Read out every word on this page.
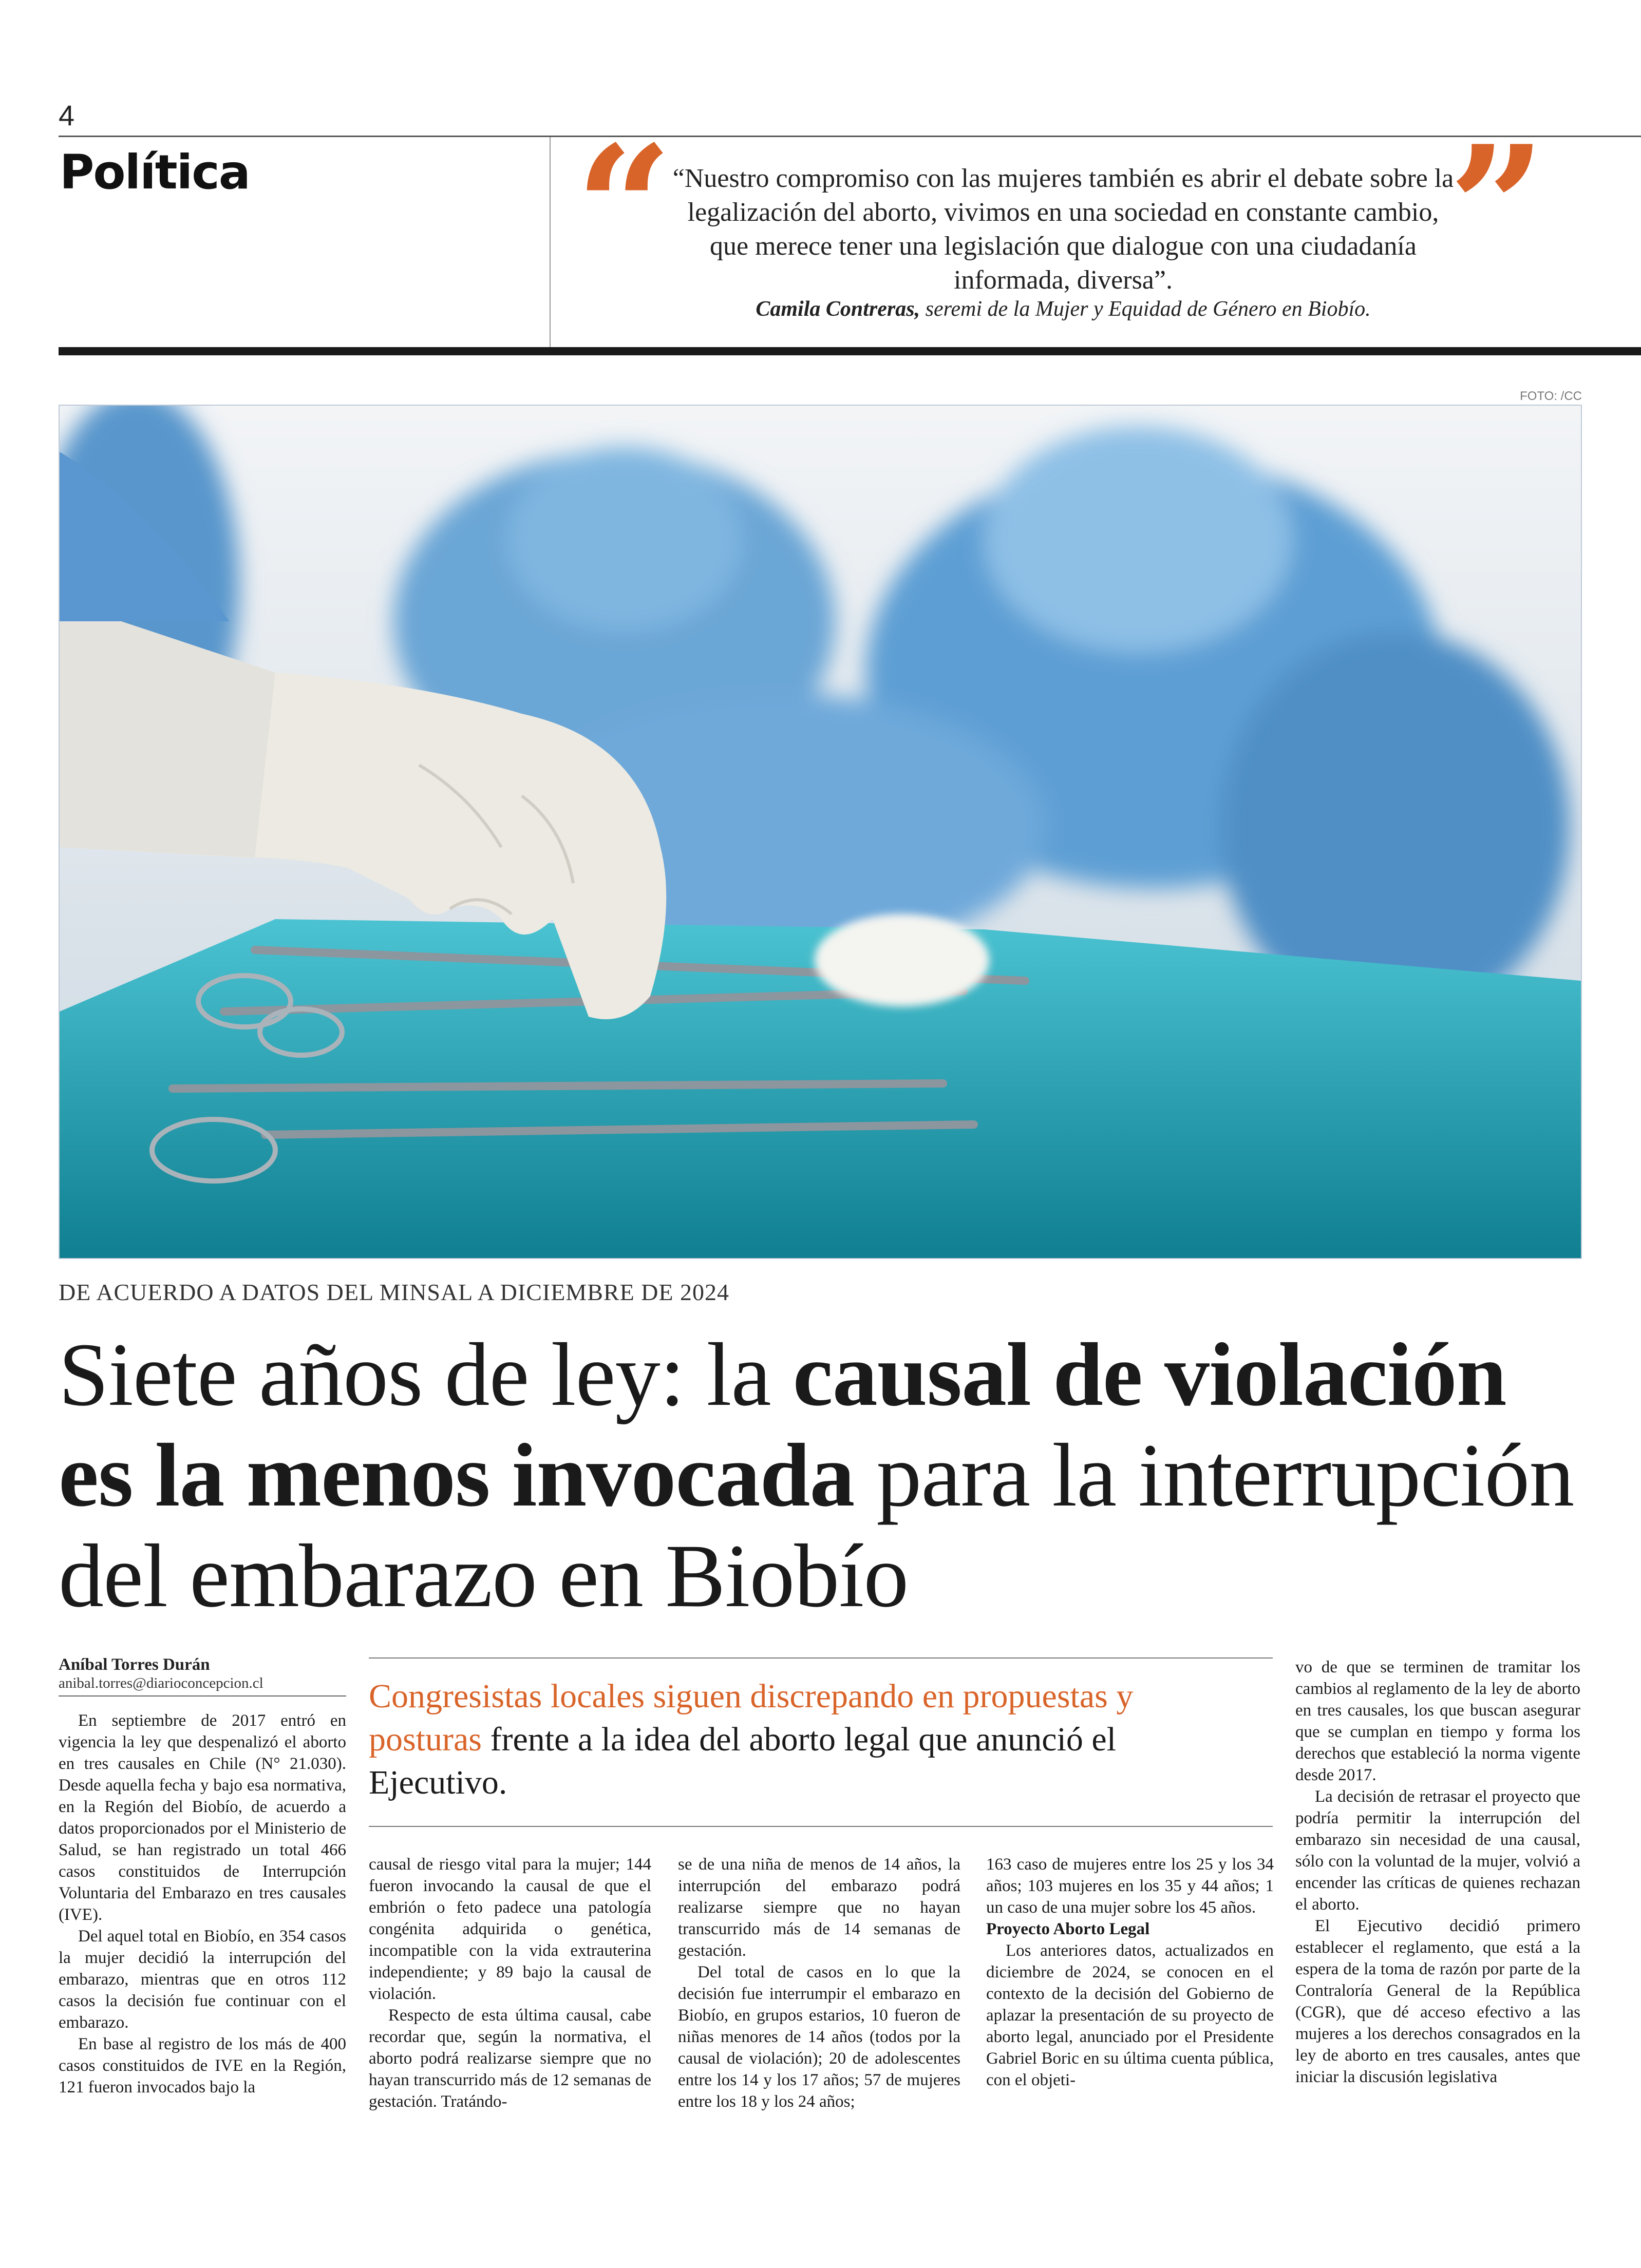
4
Política “ “Nuestro compromiso con las mujeres también es abrir el debate sobre la legalización del aborto, vivimos en una sociedad en constante cambio, que merece tener una legislación que dialogue con una ciudadanía informada, diversa”.	”
Camila Contreras, seremi de la Mujer y Equidad de Género en Biobío.
FOTO: /CC
DE ACUERDO A DATOS DEL MINSAL A DICIEMBRE DE 2024
Siete años de ley: la causal de violación es la menos invocada para la interrupción del embarazo en Biobío
Aníbal Torres Durán
anibal.torres@diarioconcepcion.cl	Congresistas locales siguen discrepando en propuestas y posturas frente a la idea del aborto legal que anunció el Ejecutivo.

En septiembre de 2017 entró en vigencia la ley que despenalizó el aborto en tres causales en Chile (N° 21.030). Desde aquella fecha y bajo esa normativa, en la Región del Biobío, de acuerdo a datos proporcionados por el Ministerio de Salud, se han registrado un total 466 casos constituidos de Interrupción Voluntaria del Embarazo en tres causales (IVE).

Del aquel total en Biobío, en 354 casos la mujer decidió la interrupción del embarazo, mientras que en otros 112 casos la decisión fue continuar con el embarazo.

En base al registro de los más de 400 casos constituidos de IVE en la Región, 121 fueron invocados bajo la

causal de riesgo vital para la mujer; 144 fueron invocando la causal de que el embrión o feto padece una patología congénita adquirida o genética, incompatible con la vida extrauterina independiente; y 89 bajo la causal de violación.

Respecto de esta última causal, cabe recordar que, según la normativa, el aborto podrá realizarse siempre que no hayan transcurrido más de 12 semanas de gestación. Tratándo-

se de una niña de menos de 14 años, la interrupción del embarazo podrá realizarse siempre que no hayan transcurrido más de 14 semanas de gestación.

Del total de casos en lo que la decisión fue interrumpir el embarazo en Biobío, en grupos estarios, 10 fueron de niñas menores de 14 años (todos por la causal de violación); 20 de adolescentes entre los 14 y los 17 años; 57 de mujeres entre los 18 y los 24 años;

163 caso de mujeres entre los 25 y los 34 años; 103 mujeres en los 35 y 44 años; 1 un caso de una mujer sobre los 45 años.

Proyecto Aborto Legal

Los anteriores datos, actualizados en diciembre de 2024, se conocen en el contexto de la decisión del Gobierno de aplazar la presentación de su proyecto de aborto legal, anunciado por el Presidente Gabriel Boric en su última cuenta pública, con el objeti-

vo de que se terminen de tramitar los cambios al reglamento de la ley de aborto en tres causales, los que buscan asegurar que se cumplan en tiempo y forma los derechos que estableció la norma vigente desde 2017.

La decisión de retrasar el proyecto que podría permitir la interrupción del embarazo sin necesidad de una causal, sólo con la voluntad de la mujer, volvió a encender las críticas de quienes rechazan el aborto.

El Ejecutivo decidió primero establecer el reglamento, que está a la espera de la toma de razón por parte de la Contraloría General de la República (CGR), que dé acceso efectivo a las mujeres a los derechos consagrados en la ley de aborto en tres causales, antes que iniciar la discusión legislativa
